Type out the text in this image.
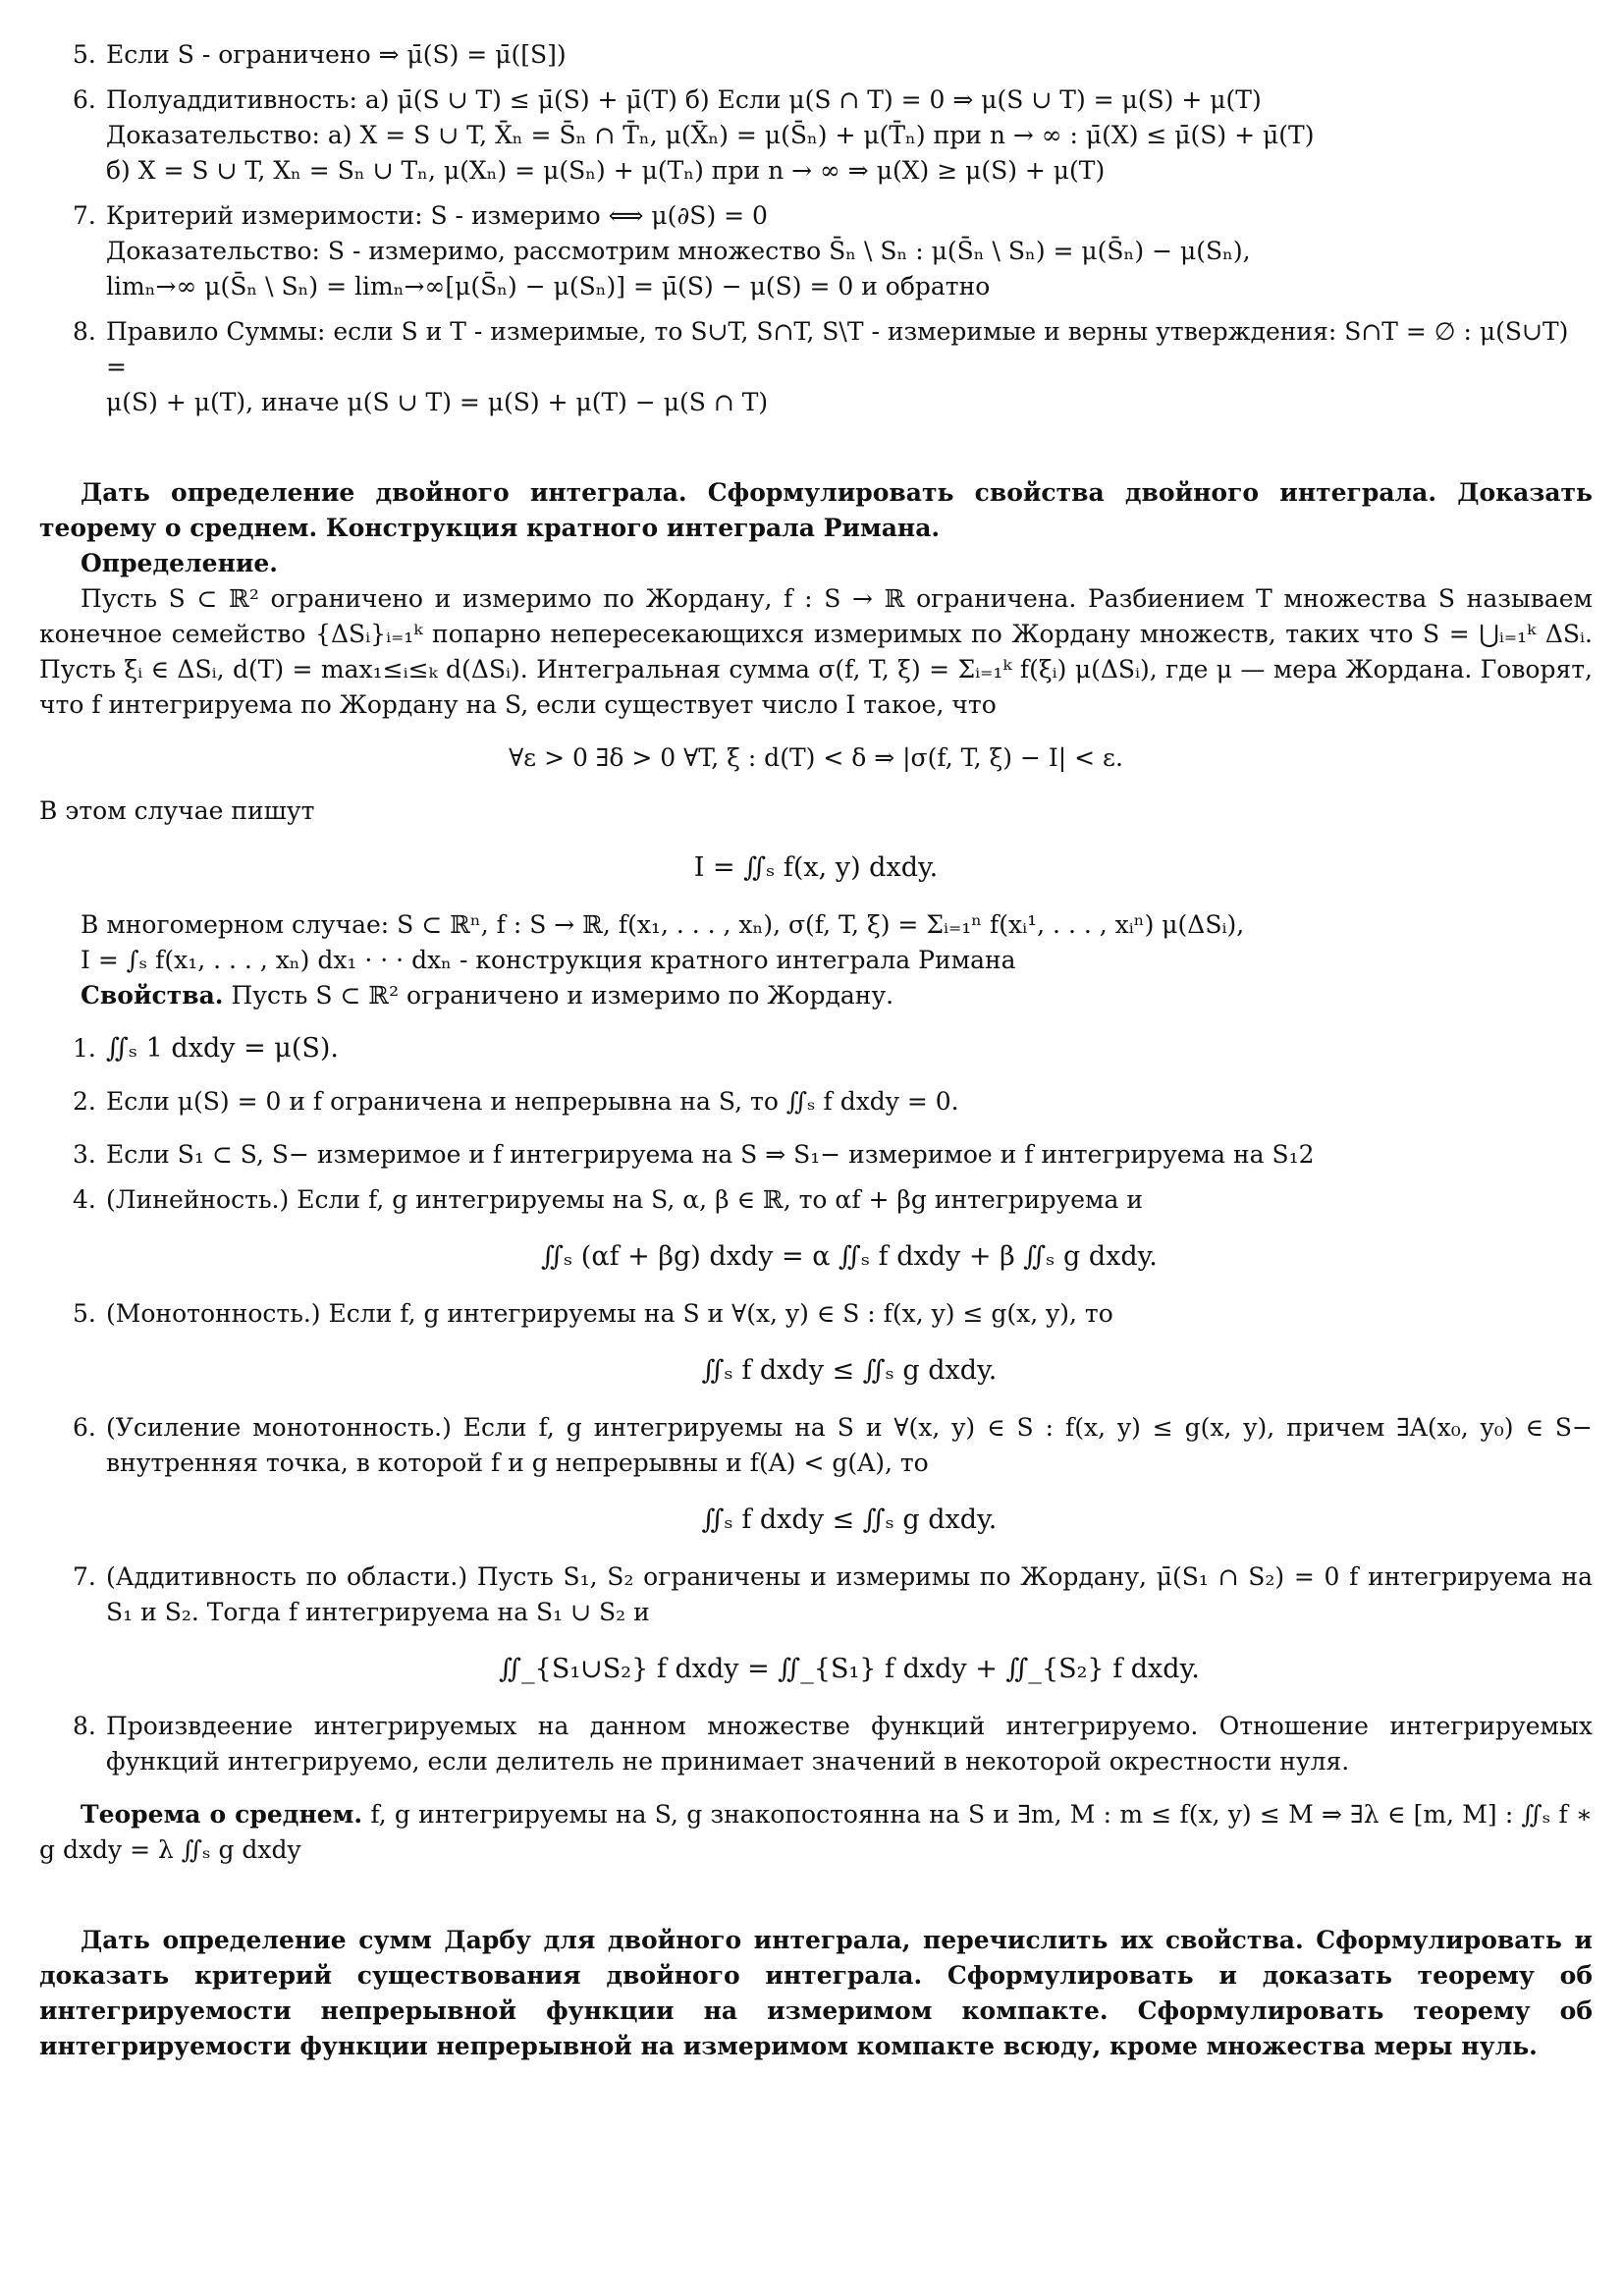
5. Если S - ограничено ⇒ μ̄(S) = μ̄([S])
6. Полуаддитивность: а) μ̄(S ∪ T) ≤ μ̄(S) + μ̄(T) б) Если μ(S ∩ T) = 0 ⇒ μ(S ∪ T) = μ(S) + μ(T)
Доказательство: а) X = S ∪ T, X̄ₙ = S̄ₙ ∩ T̄ₙ, μ(X̄ₙ) = μ(S̄ₙ) + μ(T̄ₙ) при n → ∞ : μ̄(X) ≤ μ̄(S) + μ̄(T)
б) X = S ∪ T, Xₙ = Sₙ ∪ Tₙ, μ(Xₙ) = μ(Sₙ) + μ(Tₙ) при n → ∞ ⇒ μ(X) ≥ μ(S) + μ(T)
7. Критерий измеримости: S - измеримо ⟺ μ(∂S) = 0
Доказательство: S - измеримо, рассмотрим множество S̄ₙ \ Sₙ : μ(S̄ₙ \ Sₙ) = μ(S̄ₙ) − μ(Sₙ),
limₙ→∞ μ(S̄ₙ \ Sₙ) = limₙ→∞[μ(S̄ₙ) − μ(Sₙ)] = μ̄(S) − μ(S) = 0 и обратно
8. Правило Суммы: если S и T - измеримые, то S∪T, S∩T, S\T - измеримые и верны утверждения: S∩T = ∅ : μ(S∪T) =
μ(S) + μ(T), иначе μ(S ∪ T) = μ(S) + μ(T) − μ(S ∩ T)
Дать определение двойного интеграла. Сформулировать свойства двойного интеграла. Доказать теорему о среднем. Конструкция кратного интеграла Римана.
Определение.
Пусть S ⊂ ℝ² ограничено и измеримо по Жордану, f : S → ℝ ограничена. Разбиением T множества S называем конечное семейство {ΔSᵢ}ᵢ₌₁ᵏ попарно непересекающихся измеримых по Жордану множеств, таких что S = ⋃ᵢ₌₁ᵏ ΔSᵢ. Пусть ξᵢ ∈ ΔSᵢ, d(T) = max₁≤ᵢ≤ₖ d(ΔSᵢ). Интегральная сумма σ(f, T, ξ) = Σᵢ₌₁ᵏ f(ξᵢ) μ(ΔSᵢ), где μ — мера Жордана. Говорят, что f интегрируема по Жордану на S, если существует число I такое, что
∀ε > 0 ∃δ > 0 ∀T, ξ : d(T) < δ ⇒ |σ(f, T, ξ) − I| < ε.
В этом случае пишут
I = ∬ₛ f(x, y) dxdy.
В многомерном случае: S ⊂ ℝⁿ, f : S → ℝ, f(x₁, . . . , xₙ), σ(f, T, ξ) = Σᵢ₌₁ⁿ f(xᵢ¹, . . . , xᵢⁿ) μ(ΔSᵢ),
I = ∫ₛ f(x₁, . . . , xₙ) dx₁ · · · dxₙ - конструкция кратного интеграла Римана
Свойства. Пусть S ⊂ ℝ² ограничено и измеримо по Жордану.
1. ∬ₛ 1 dxdy = μ(S).
2. Если μ(S) = 0 и f ограничена и непрерывна на S, то ∬ₛ f dxdy = 0.
3. Если S₁ ⊂ S, S− измеримое и f интегрируема на S ⇒ S₁− измеримое и f интегрируема на S₁2
4. (Линейность.) Если f, g интегрируемы на S, α, β ∈ ℝ, то αf + βg интегрируема и
∬ₛ (αf + βg) dxdy = α ∬ₛ f dxdy + β ∬ₛ g dxdy.
5. (Монотонность.) Если f, g интегрируемы на S и ∀(x, y) ∈ S : f(x, y) ≤ g(x, y), то
∬ₛ f dxdy ≤ ∬ₛ g dxdy.
6. (Усиление монотонность.) Если f, g интегрируемы на S и ∀(x, y) ∈ S : f(x, y) ≤ g(x, y), причем ∃A(x₀, y₀) ∈ S− внутренняя точка, в которой f и g непрерывны и f(A) < g(A), то
∬ₛ f dxdy ≤ ∬ₛ g dxdy.
7. (Аддитивность по области.) Пусть S₁, S₂ ограничены и измеримы по Жордану, μ̄(S₁ ∩ S₂) = 0 f интегрируема на S₁ и S₂. Тогда f интегрируема на S₁ ∪ S₂ и
∬_{S₁∪S₂} f dxdy = ∬_{S₁} f dxdy + ∬_{S₂} f dxdy.
8. Произвдеение интегрируемых на данном множестве функций интегрируемо. Отношение интегрируемых функций интегрируемо, если делитель не принимает значений в некоторой окрестности нуля.
Теорема о среднем. f, g интегрируемы на S, g знакопостоянна на S и ∃m, M : m ≤ f(x, y) ≤ M ⇒ ∃λ ∈ [m, M] : ∬ₛ f ∗ g dxdy = λ ∬ₛ g dxdy
Дать определение сумм Дарбу для двойного интеграла, перечислить их свойства. Сформулировать и доказать критерий существования двойного интеграла. Сформулировать и доказать теорему об интегрируемости непрерывной функции на измеримом компакте. Сформулировать теорему об интегрируемости функции непрерывной на измеримом компакте всюду, кроме множества меры нуль.
